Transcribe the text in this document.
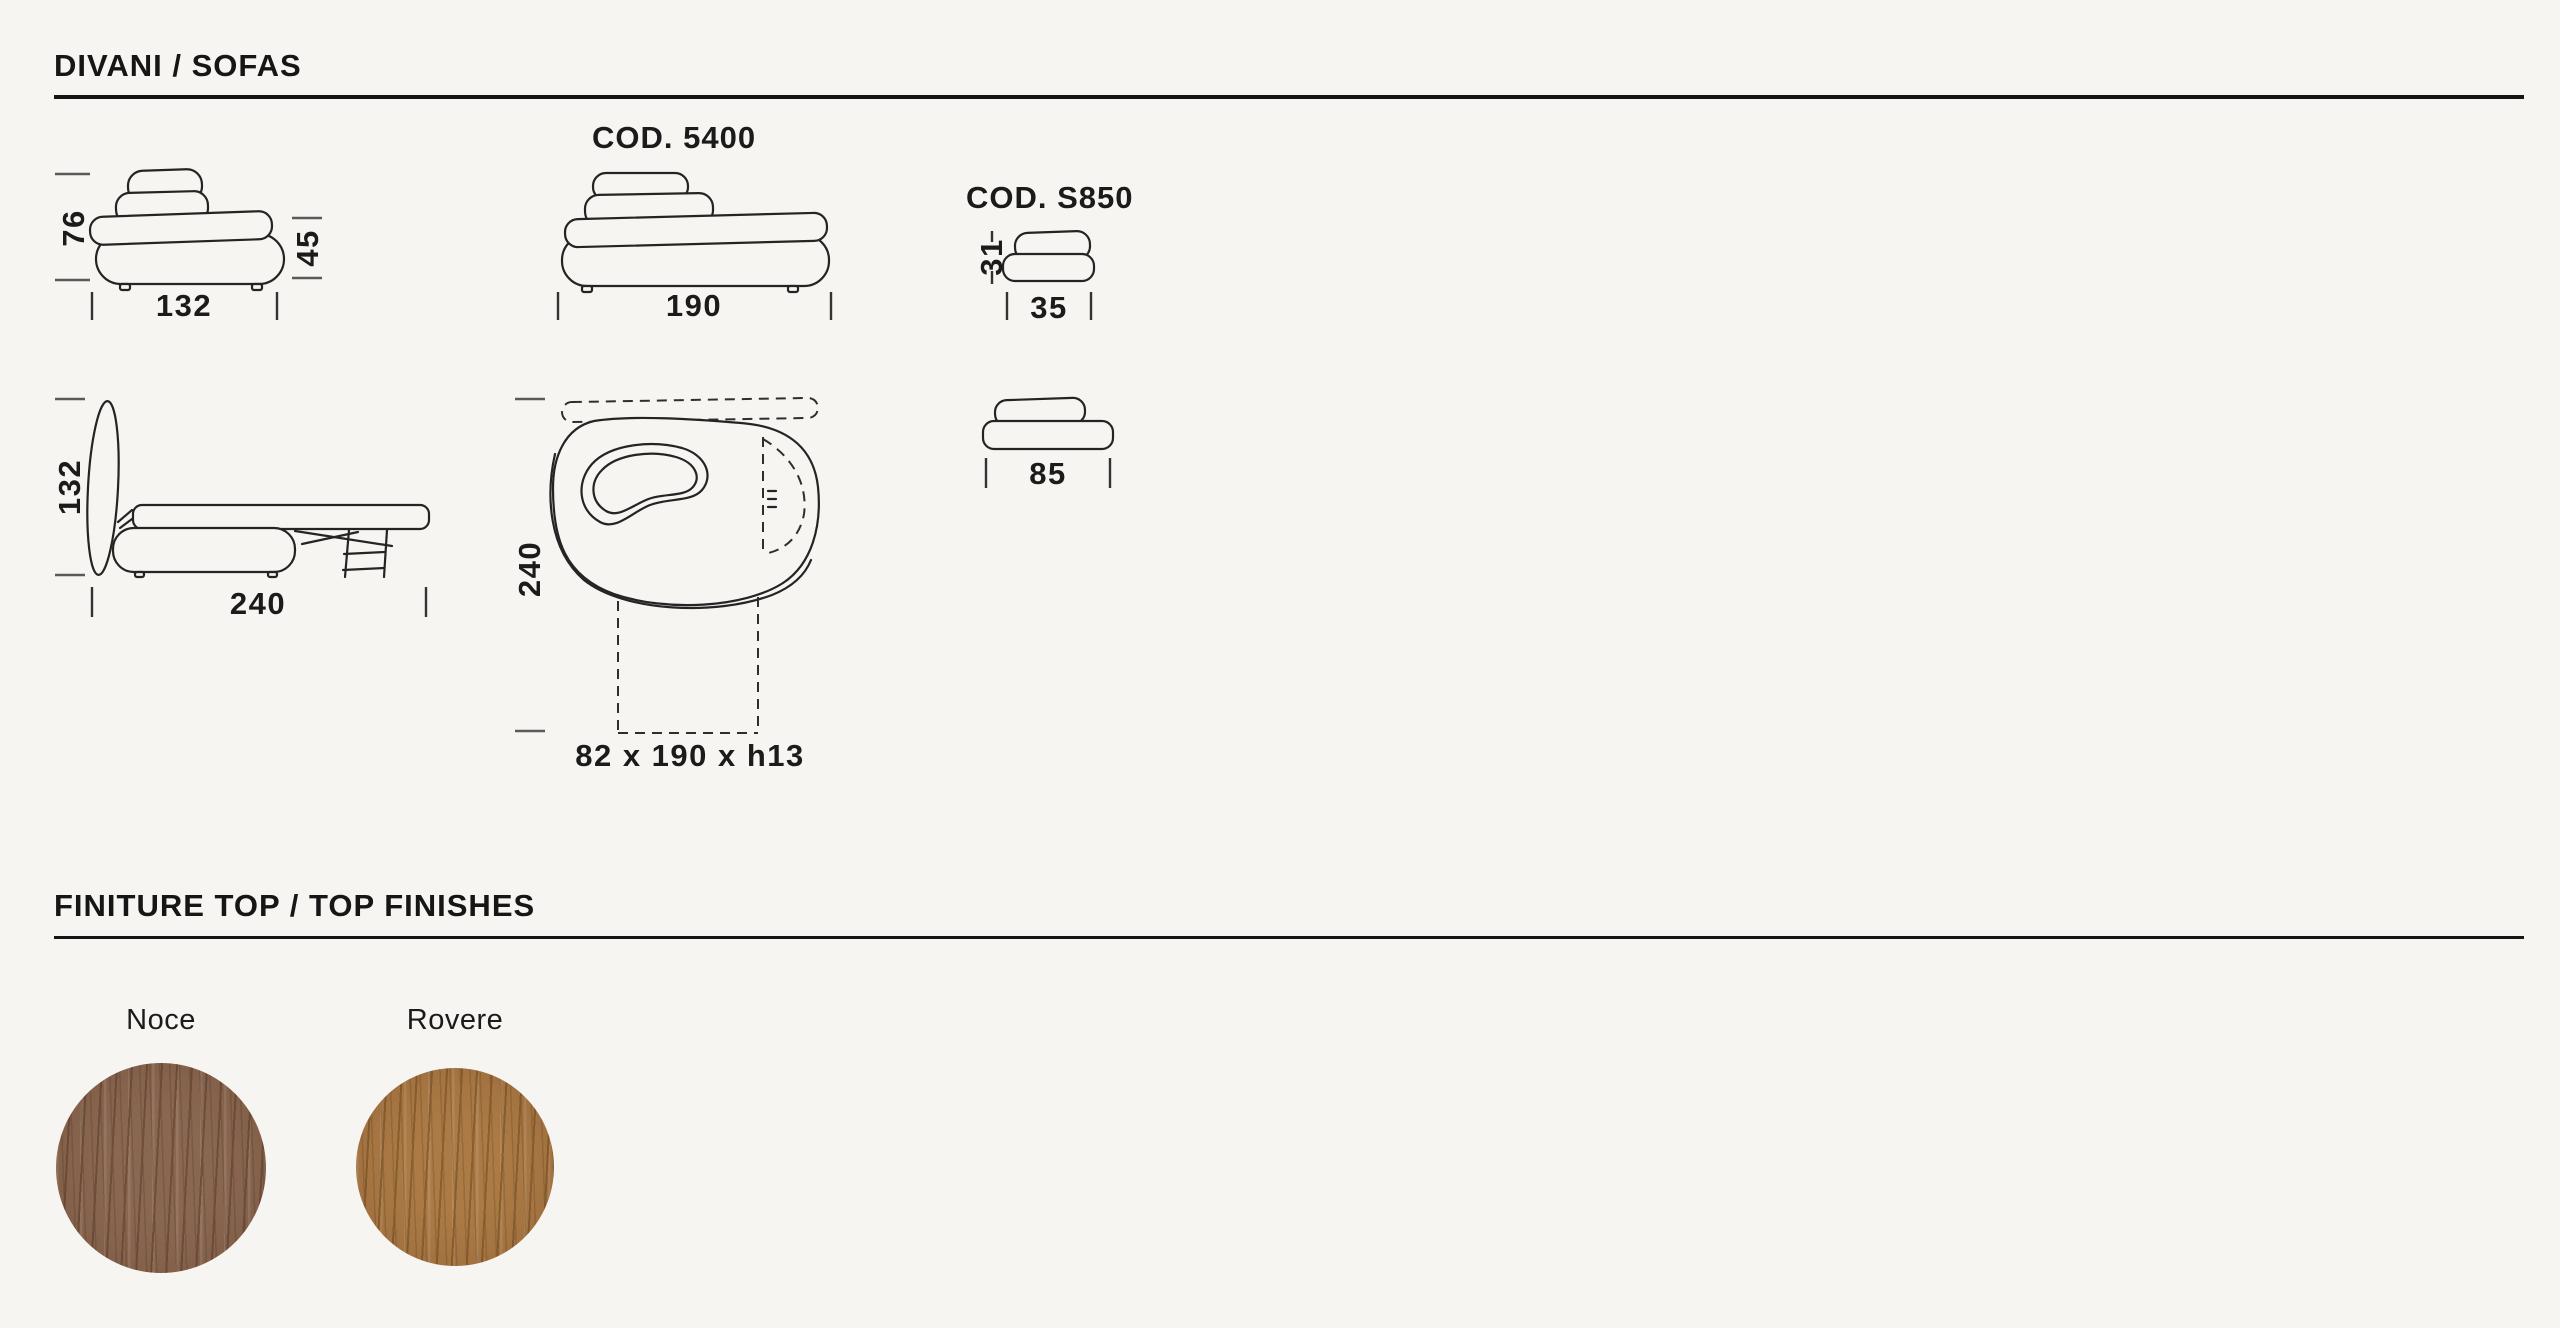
DIVANI / SOFAS
COD. 5400
COD. S850
76
45
132	190
31
35
132
240
240
82 x 190 x h13
85
FINITURE TOP / TOP FINISHES
Noce	Rovere
